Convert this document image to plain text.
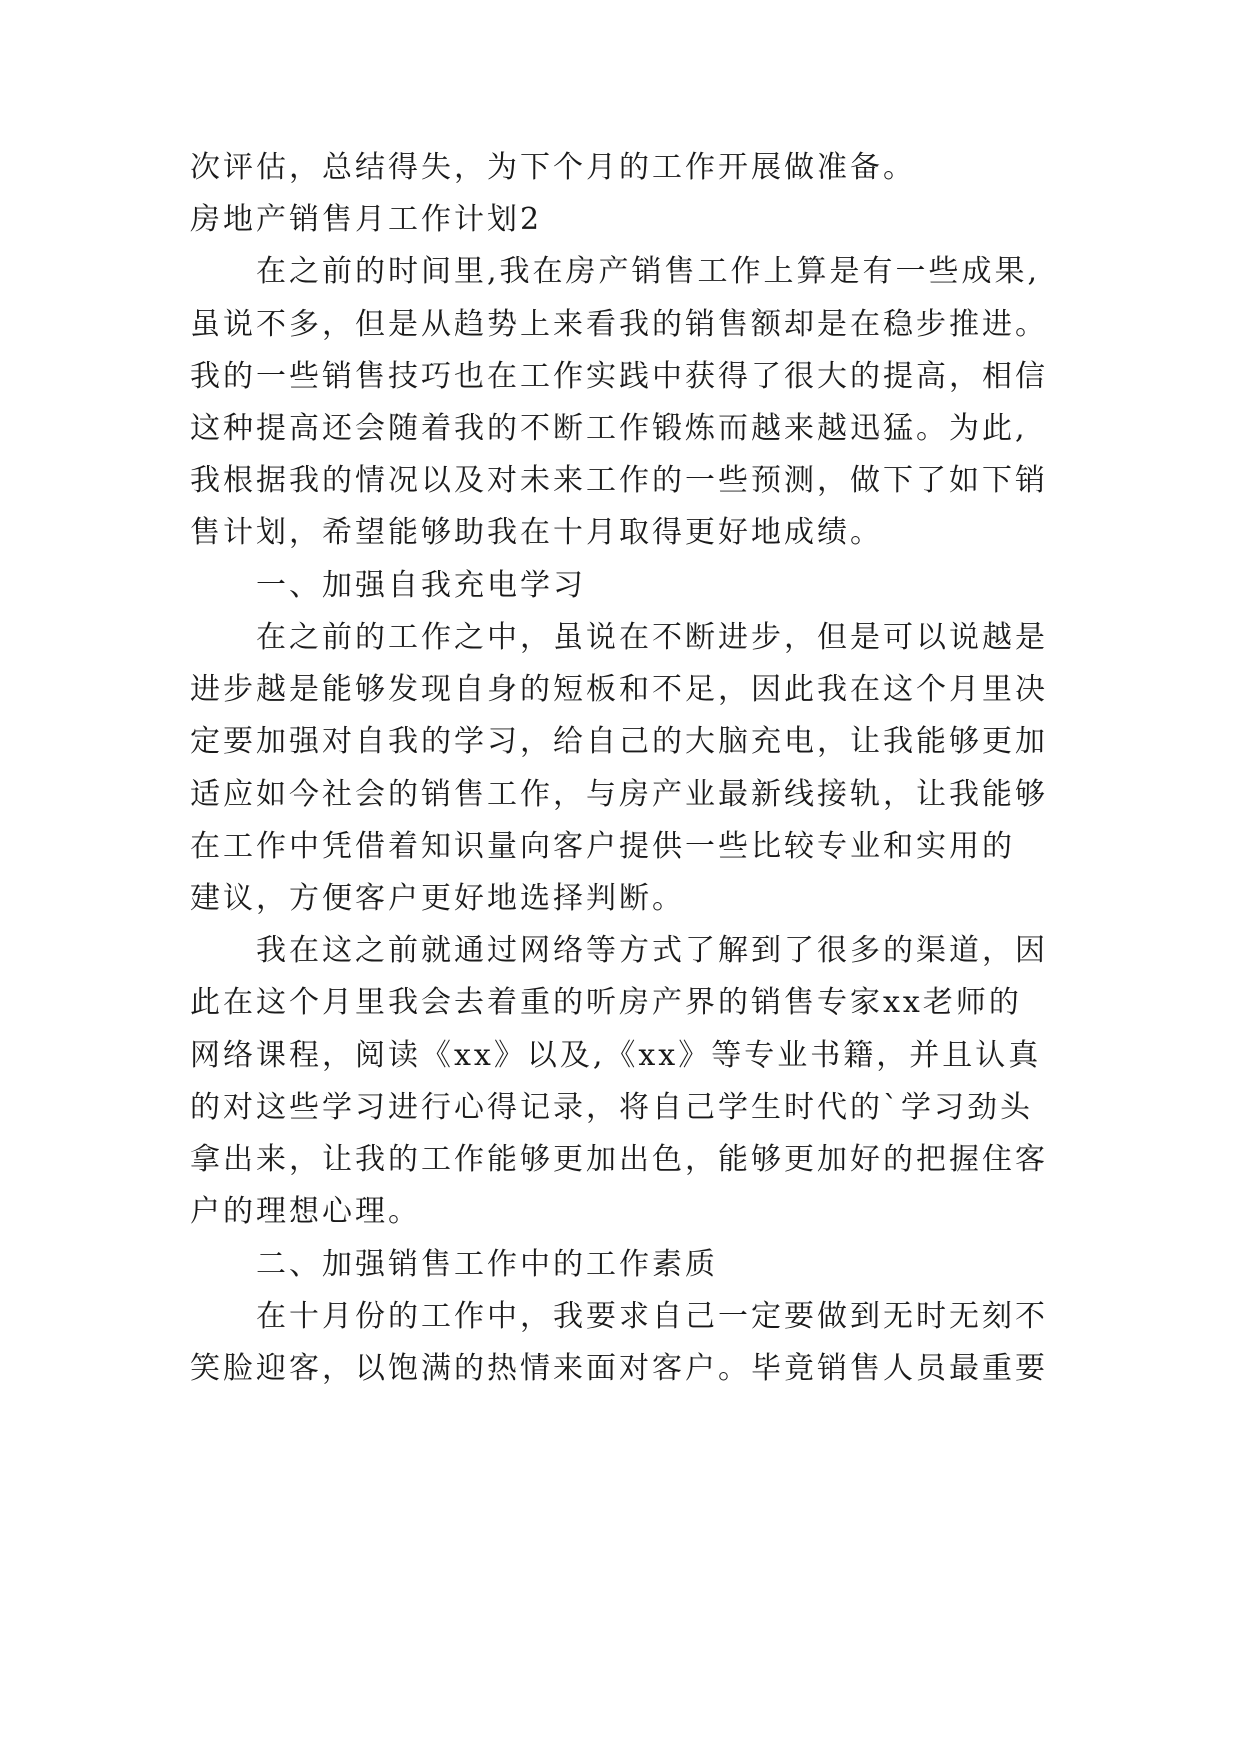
次评估，总结得失，为下个月的工作开展做准备。
房地产销售月工作计划2
在之前的时间里,我在房产销售工作上算是有一些成果,
虽说不多，但是从趋势上来看我的销售额却是在稳步推进。
我的一些销售技巧也在工作实践中获得了很大的提高，相信
这种提高还会随着我的不断工作锻炼而越来越迅猛。为此,
我根据我的情况以及对未来工作的一些预测，做下了如下销
售计划，希望能够助我在十月取得更好地成绩。
一、加强自我充电学习
在之前的工作之中，虽说在不断进步，但是可以说越是
进步越是能够发现自身的短板和不足，因此我在这个月里决
定要加强对自我的学习，给自己的大脑充电，让我能够更加
适应如今社会的销售工作，与房产业最新线接轨，让我能够
在工作中凭借着知识量向客户提供一些比较专业和实用的
建议，方便客户更好地选择判断。
我在这之前就通过网络等方式了解到了很多的渠道，因
此在这个月里我会去着重的听房产界的销售专家xx老师的
网络课程，阅读《xx》以及,《xx》等专业书籍，并且认真
的对这些学习进行心得记录，将自己学生时代的`学习劲头
拿出来，让我的工作能够更加出色，能够更加好的把握住客
户的理想心理。
二、加强销售工作中的工作素质
在十月份的工作中，我要求自己一定要做到无时无刻不
笑脸迎客，以饱满的热情来面对客户。毕竟销售人员最重要
